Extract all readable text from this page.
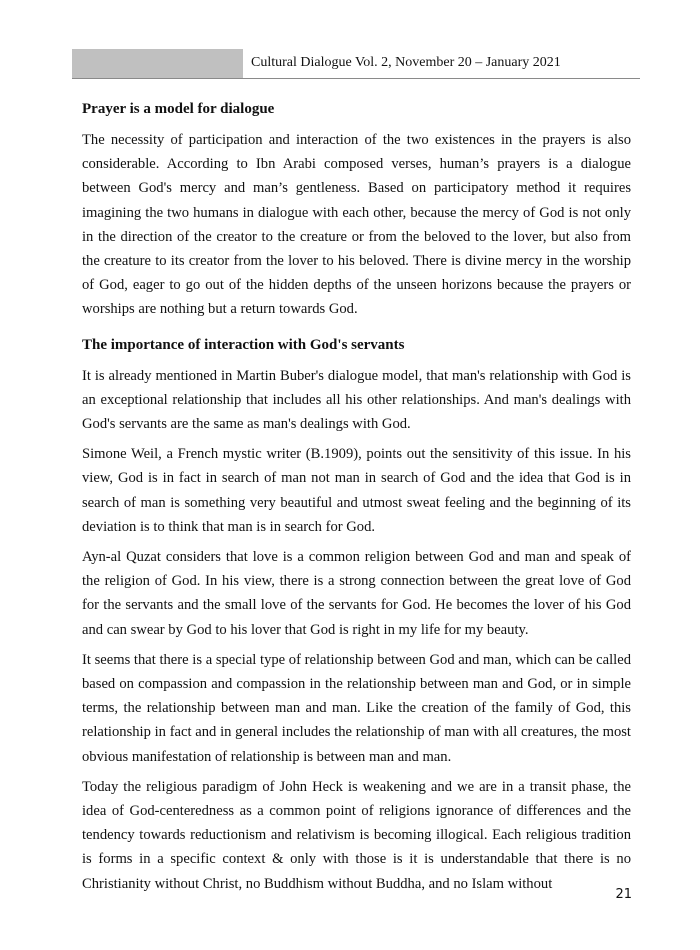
Cultural Dialogue Vol. 2, November 20 – January 2021
Prayer is a model for dialogue

The necessity of participation and interaction of the two existences in the prayers is also considerable. According to Ibn Arabi composed verses, human’s prayers is a dialogue between God's mercy and man’s gentleness. Based on participatory method it requires imagining the two humans in dialogue with each other, because the mercy of God is not only in the direction of the creator to the creature or from the beloved to the lover, but also from the creature to its creator from the lover to his beloved. There is divine mercy in the worship of God, eager to go out of the hidden depths of the unseen horizons because the prayers or worships are nothing but a return towards God.

The importance of interaction with God's servants

It is already mentioned in Martin Buber's dialogue model, that man's relationship with God is an exceptional relationship that includes all his other relationships. And man's dealings with God's servants are the same as man's dealings with God.

Simone Weil, a French mystic writer (B.1909), points out the sensitivity of this issue. In his view, God is in fact in search of man not man in search of God and the idea that God is in search of man is something very beautiful and utmost sweat feeling and the beginning of its deviation is to think that man is in search for God.

Ayn-al Quzat considers that love is a common religion between God and man and speak of the religion of God. In his view, there is a strong connection between the great love of God for the servants and the small love of the servants for God. He becomes the lover of his God and can swear by God to his lover that God is right in my life for my beauty.

It seems that there is a special type of relationship between God and man, which can be called based on compassion and compassion in the relationship between man and God, or in simple terms, the relationship between man and man. Like the creation of the family of God, this relationship in fact and in general includes the relationship of man with all creatures, the most obvious manifestation of relationship is between man and man.

Today the religious paradigm of John Heck is weakening and we are in a transit phase, the idea of God-centeredness as a common point of religions ignorance of differences and the tendency towards reductionism and relativism is becoming illogical. Each religious tradition is forms in a specific context & only with those is it is understandable that there is no Christianity without Christ, no Buddhism without Buddha, and no Islam without

21
